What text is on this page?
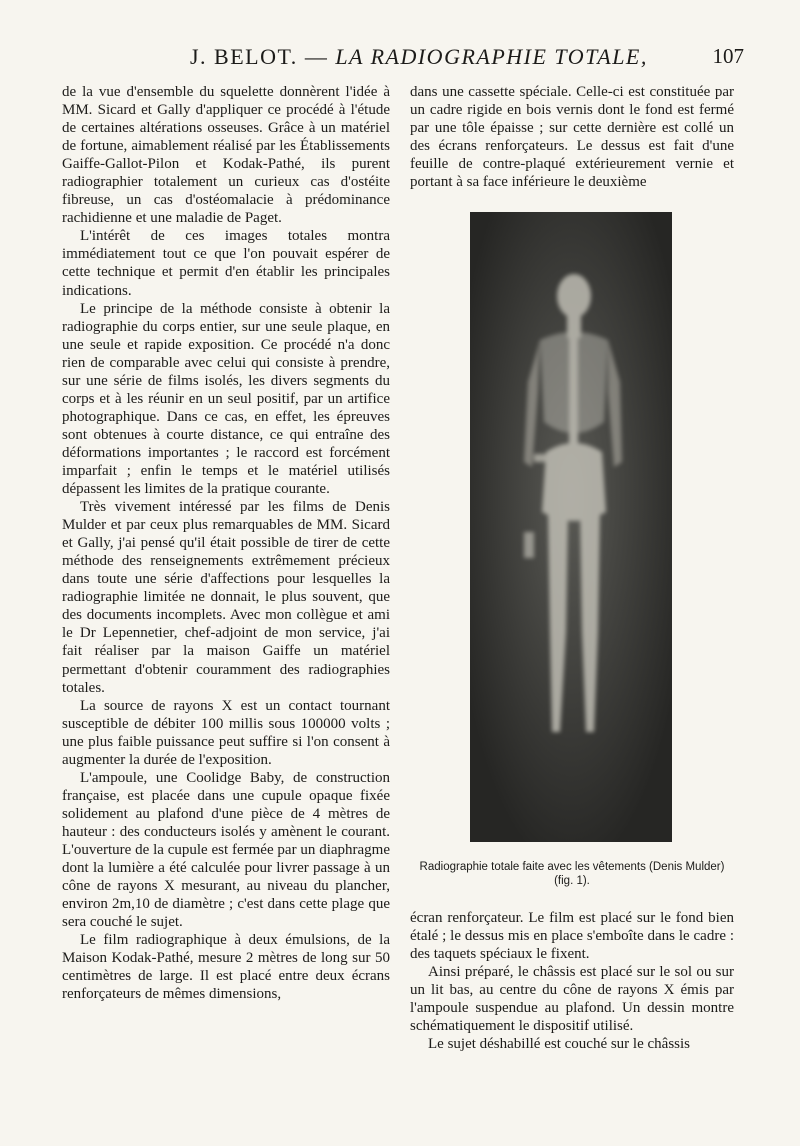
J. BELOT. — LA RADIOGRAPHIE TOTALE,	107

de la vue d'ensemble du squelette donnèrent l'idée à MM. Sicard et Gally d'appliquer ce procédé à l'étude de certaines altérations osseuses. Grâce à un matériel de fortune, aimablement réalisé par les Établissements Gaiffe-Gallot-Pilon et Kodak-Pathé, ils purent radiographier totalement un curieux cas d'ostéite fibreuse, un cas d'ostéomalacie à prédominance rachidienne et une maladie de Paget.

L'intérêt de ces images totales montra immédiatement tout ce que l'on pouvait espérer de cette technique et permit d'en établir les principales indications.

Le principe de la méthode consiste à obtenir la radiographie du corps entier, sur une seule plaque, en une seule et rapide exposition. Ce procédé n'a donc rien de comparable avec celui qui consiste à prendre, sur une série de films isolés, les divers segments du corps et à les réunir en un seul positif, par un artifice photographique. Dans ce cas, en effet, les épreuves sont obtenues à courte distance, ce qui entraîne des déformations importantes ; le raccord est forcément imparfait ; enfin le temps et le matériel utilisés dépassent les limites de la pratique courante.

Très vivement intéressé par les films de Denis Mulder et par ceux plus remarquables de MM. Sicard et Gally, j'ai pensé qu'il était possible de tirer de cette méthode des renseignements extrêmement précieux dans toute une série d'affections pour lesquelles la radiographie limitée ne donnait, le plus souvent, que des documents incomplets. Avec mon collègue et ami le Dr Lepennetier, chef-adjoint de mon service, j'ai fait réaliser par la maison Gaiffe un matériel permettant d'obtenir couramment des radiographies totales.

La source de rayons X est un contact tournant susceptible de débiter 100 millis sous 100000 volts ; une plus faible puissance peut suffire si l'on consent à augmenter la durée de l'exposition.

L'ampoule, une Coolidge Baby, de construction française, est placée dans une cupule opaque fixée solidement au plafond d'une pièce de 4 mètres de hauteur : des conducteurs isolés y amènent le courant. L'ouverture de la cupule est fermée par un diaphragme dont la lumière a été calculée pour livrer passage à un cône de rayons X mesurant, au niveau du plancher, environ 2m,10 de diamètre ; c'est dans cette plage que sera couché le sujet.

Le film radiographique à deux émulsions, de la Maison Kodak-Pathé, mesure 2 mètres de long sur 50 centimètres de large. Il est placé entre deux écrans renforçateurs de mêmes dimensions,

dans une cassette spéciale. Celle-ci est constituée par un cadre rigide en bois vernis dont le fond est fermé par une tôle épaisse ; sur cette dernière est collé un des écrans renforçateurs. Le dessus est fait d'une feuille de contre-plaqué extérieurement vernie et portant à sa face inférieure le deuxième

Radiographie totale faite avec les vêtements (Denis Mulder) (fig. 1).

écran renforçateur. Le film est placé sur le fond bien étalé ; le dessus mis en place s'emboîte dans le cadre : des taquets spéciaux le fixent.

Ainsi préparé, le châssis est placé sur le sol ou sur un lit bas, au centre du cône de rayons X émis par l'ampoule suspendue au plafond. Un dessin montre schématiquement le dispositif utilisé.

Le sujet déshabillé est couché sur le châssis
